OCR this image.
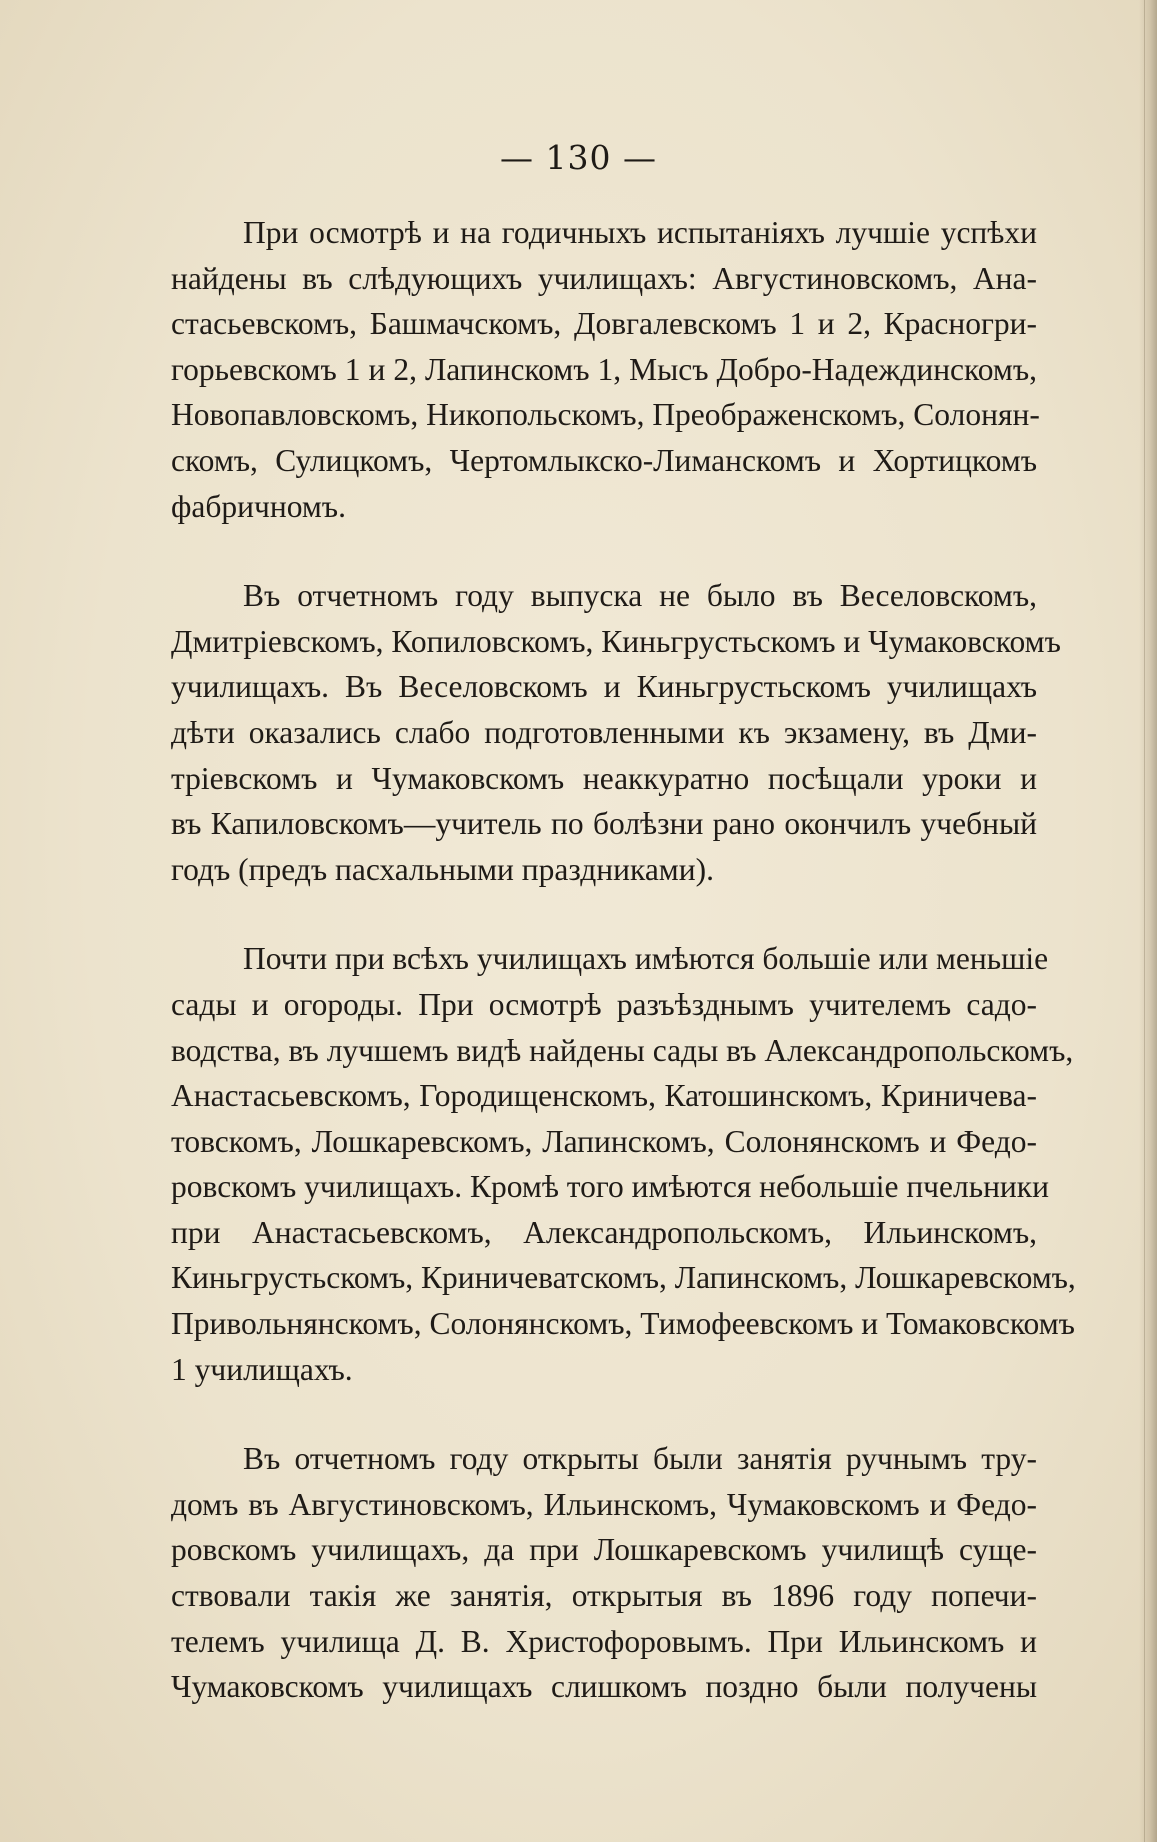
— 130 —
При осмотрѣ и на годичныхъ испытаніяхъ лучшіе успѣхи
найдены въ слѣдующихъ училищахъ: Августиновскомъ, Ана-
стасьевскомъ, Башмачскомъ, Довгалевскомъ 1 и 2, Красногри-
горьевскомъ 1 и 2, Лапинскомъ 1, Мысъ Добро-Надеждинскомъ,
Новопавловскомъ, Никопольскомъ, Преображенскомъ, Солонян-
скомъ, Сулицкомъ, Чертомлыкско-Лиманскомъ и Хортицкомъ
фабричномъ.
Въ отчетномъ году выпуска не было въ Веселовскомъ,
Дмитріевскомъ, Копиловскомъ, Киньгрустьскомъ и Чумаковскомъ
училищахъ. Въ Веселовскомъ и Киньгрустьскомъ училищахъ
дѣти оказались слабо подготовленными къ экзамену, въ Дми-
тріевскомъ и Чумаковскомъ неаккуратно посѣщали уроки и
въ Капиловскомъ—учитель по болѣзни рано окончилъ учебный
годъ (предъ пасхальными праздниками).
Почти при всѣхъ училищахъ имѣются большіе или меньшіе
сады и огороды. При осмотрѣ разъѣзднымъ учителемъ садо-
водства, въ лучшемъ видѣ найдены сады въ Александропольскомъ,
Анастасьевскомъ, Городищенскомъ, Катошинскомъ, Криничева-
товскомъ, Лошкаревскомъ, Лапинскомъ, Солонянскомъ и Федо-
ровскомъ училищахъ. Кромѣ того имѣются небольшіе пчельники
при Анастасьевскомъ, Александропольскомъ, Ильинскомъ,
Киньгрустьскомъ, Криничеватскомъ, Лапинскомъ, Лошкаревскомъ,
Привольнянскомъ, Солонянскомъ, Тимофеевскомъ и Томаковскомъ
1 училищахъ.
Въ отчетномъ году открыты были занятія ручнымъ тру-
домъ въ Августиновскомъ, Ильинскомъ, Чумаковскомъ и Федо-
ровскомъ училищахъ, да при Лошкаревскомъ училищѣ суще-
ствовали такія же занятія, открытыя въ 1896 году попечи-
телемъ училища Д. В. Христофоровымъ. При Ильинскомъ и
Чумаковскомъ училищахъ слишкомъ поздно были получены
